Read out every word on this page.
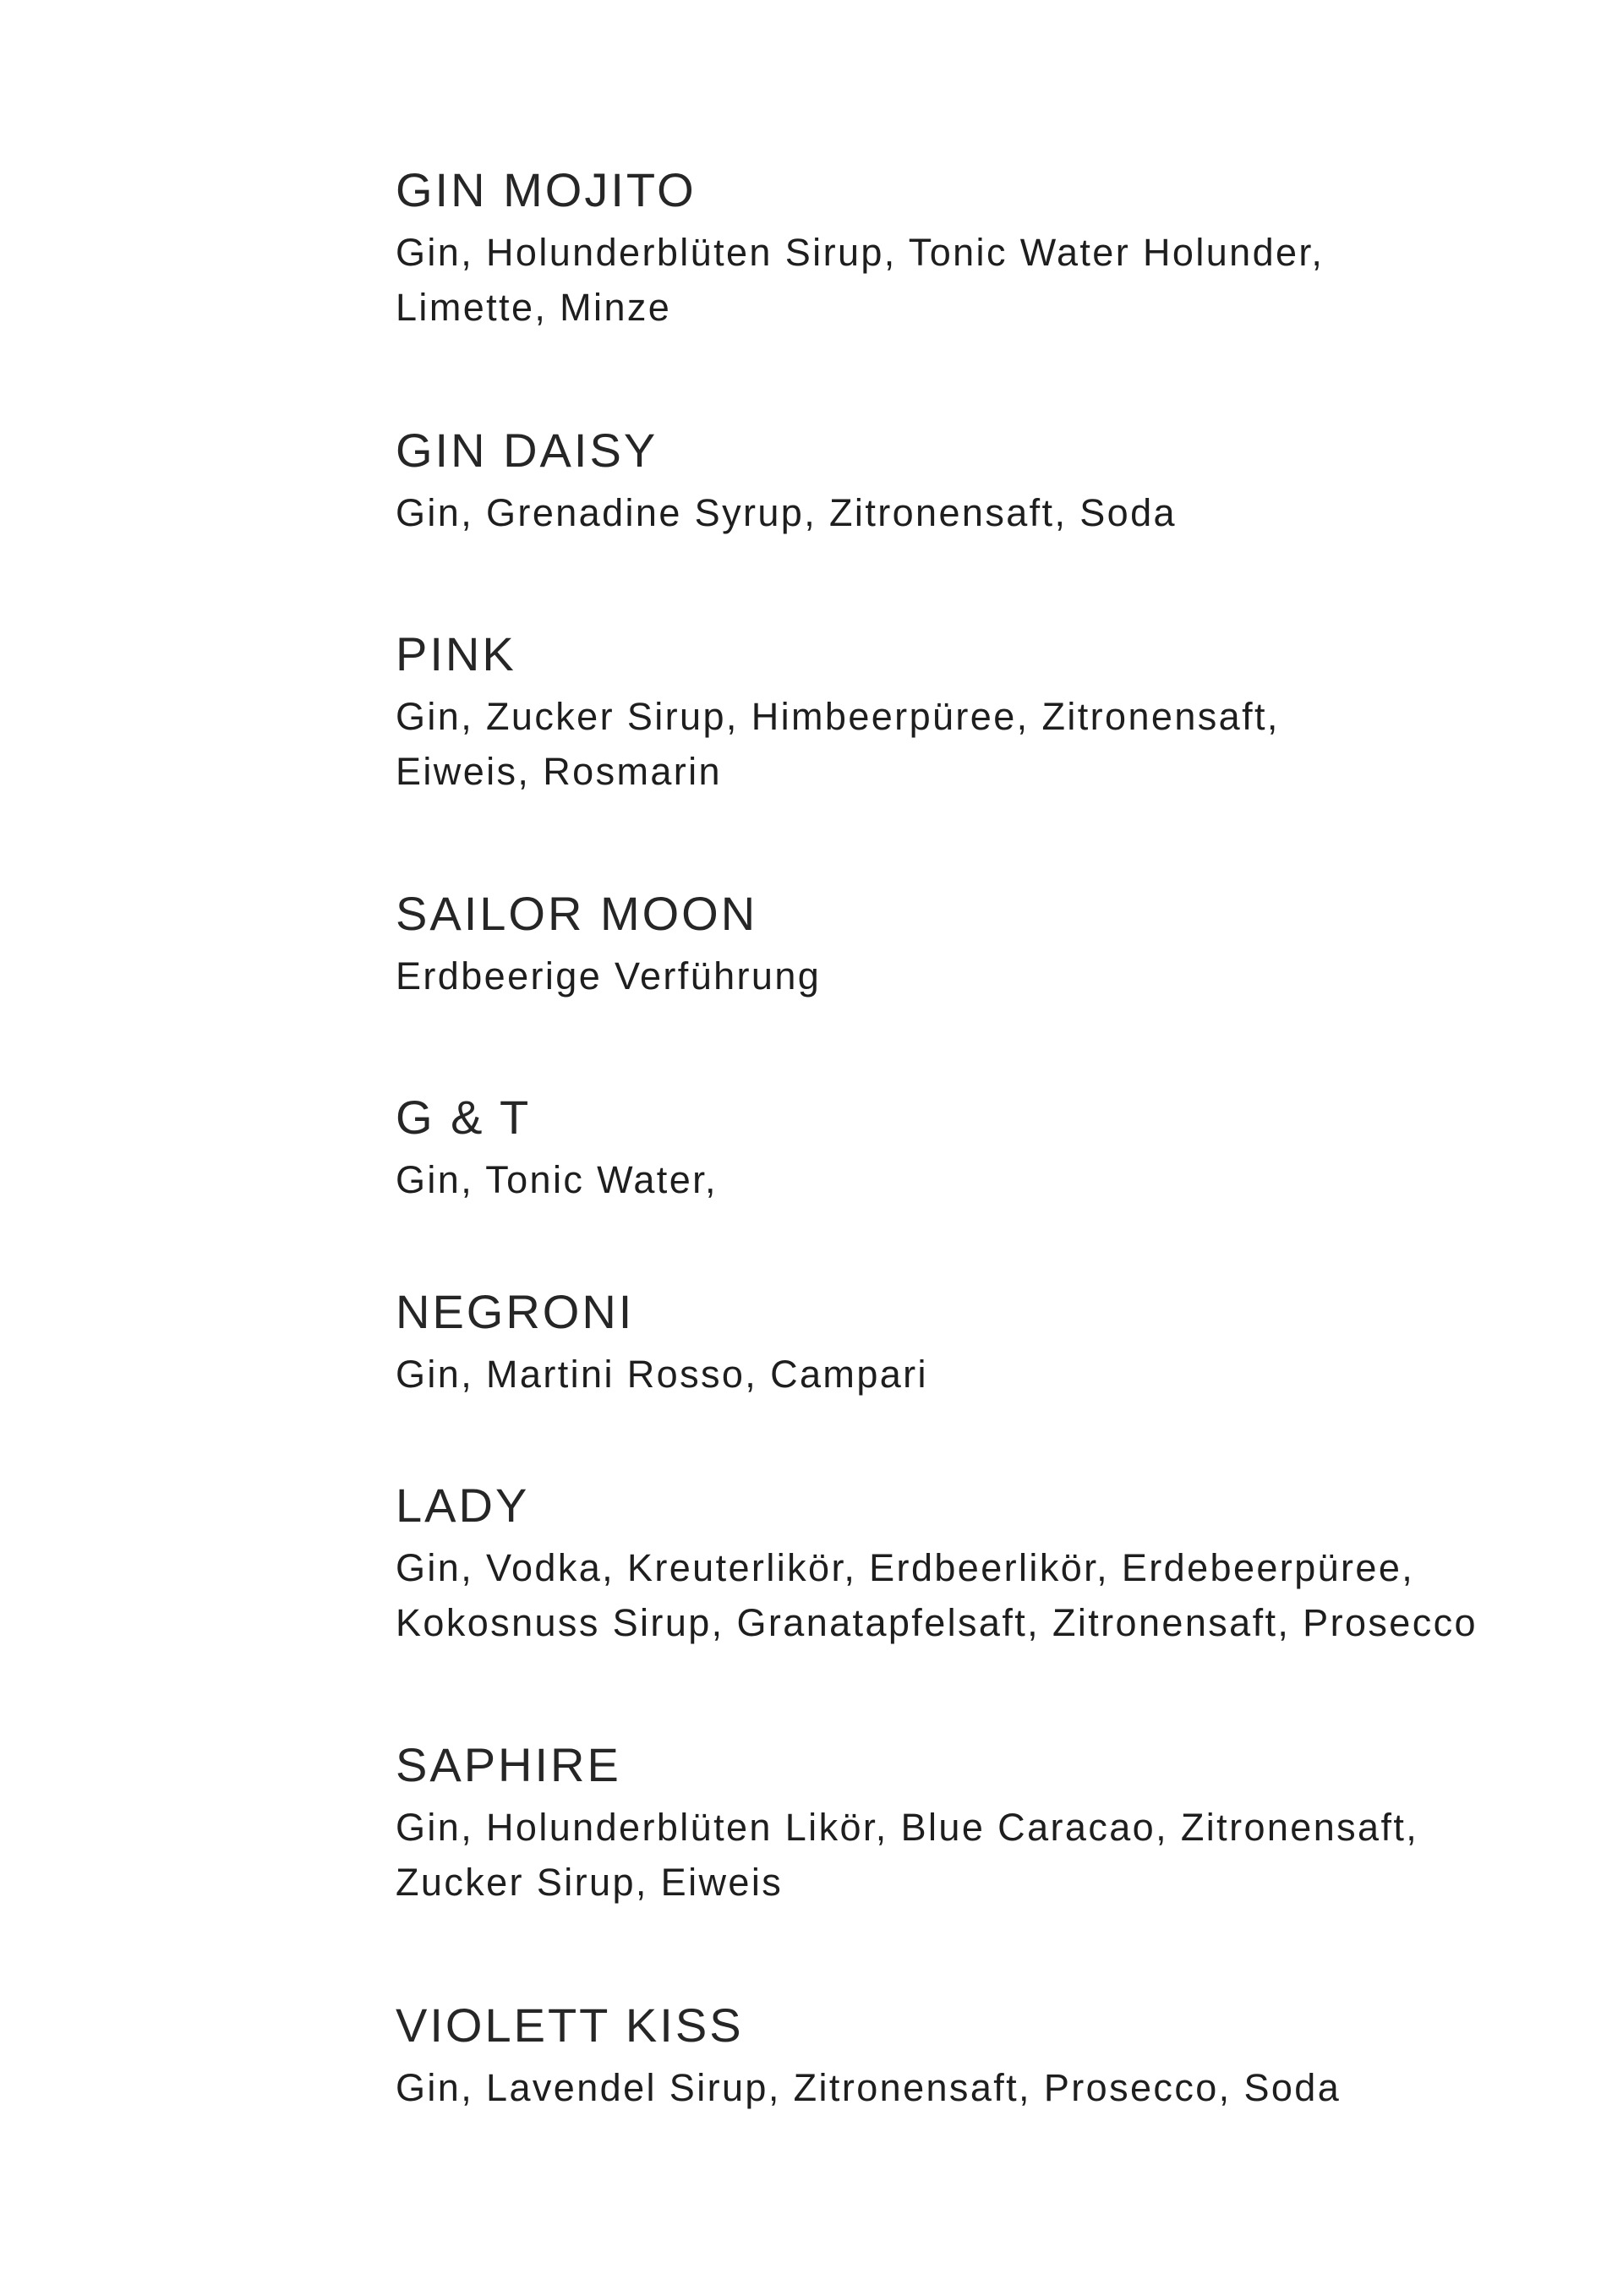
GIN MOJITO
Gin, Holunderblüten Sirup, Tonic Water Holunder,
Limette, Minze
GIN DAISY
Gin, Grenadine Syrup, Zitronensaft, Soda
PINK
Gin, Zucker Sirup, Himbeerpüree, Zitronensaft,
Eiweis, Rosmarin
SAILOR MOON
Erdbeerige Verführung
G & T
Gin, Tonic Water,
NEGRONI
Gin, Martini Rosso, Campari
LADY
Gin, Vodka, Kreuterlikör, Erdbeerlikör, Erdebeerpüree,
Kokosnuss Sirup, Granatapfelsaft, Zitronensaft, Prosecco
SAPHIRE
Gin, Holunderblüten Likör, Blue Caracao, Zitronensaft,
Zucker Sirup, Eiweis
VIOLETT KISS
Gin, Lavendel Sirup, Zitronensaft, Prosecco, Soda
